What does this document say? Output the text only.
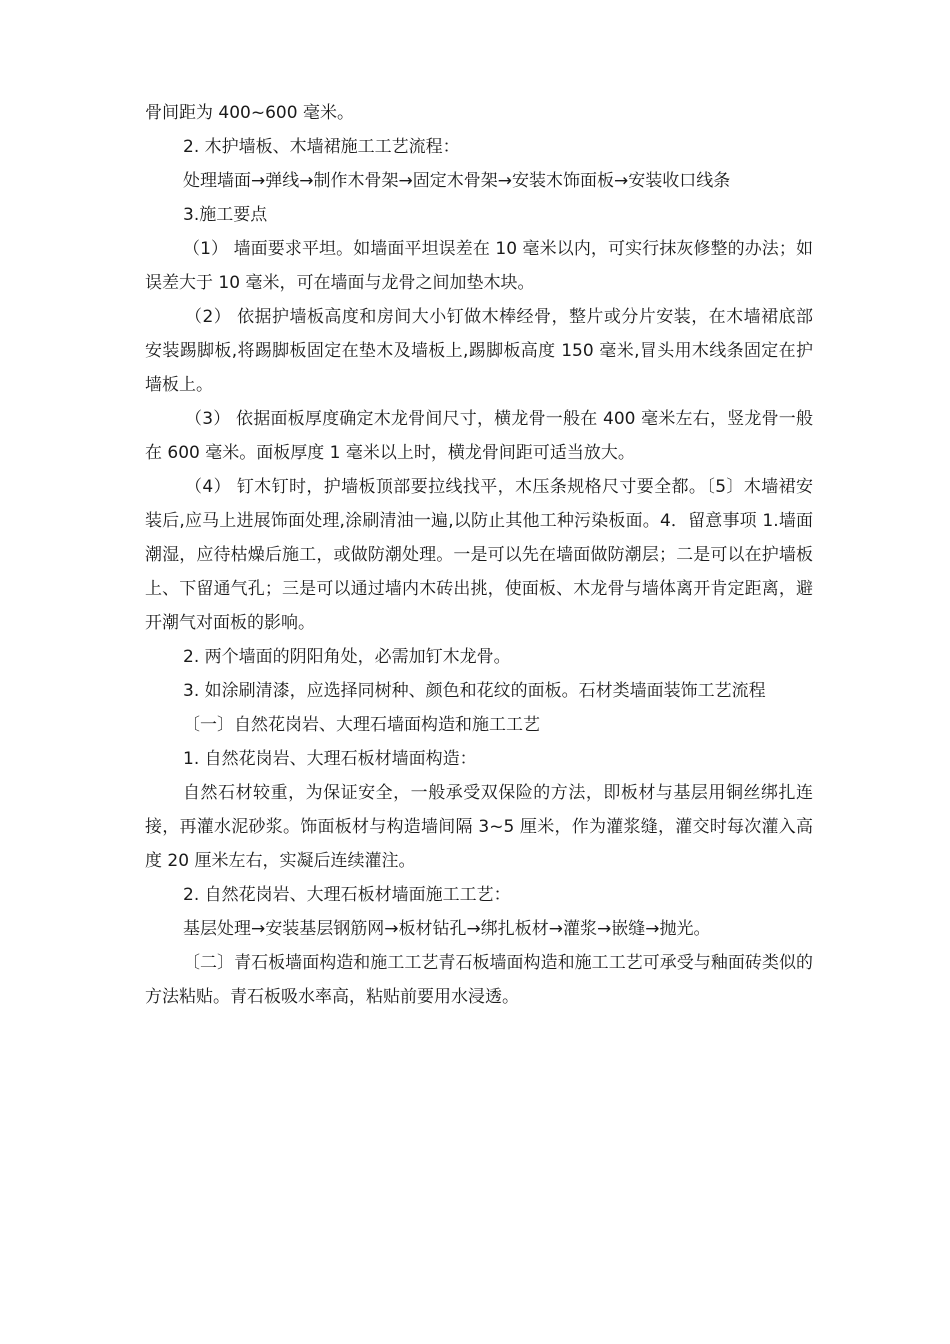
骨间距为 400~600 毫米。

2. 木护墙板、木墙裙施工工艺流程：

处理墙面→弹线→制作木骨架→固定木骨架→安装木饰面板→安装收口线条

3.施工要点

（1） 墙面要求平坦。如墙面平坦误差在 10 毫米以内，可实行抹灰修整的办法；如误差大于 10 毫米，可在墙面与龙骨之间加垫木块。

（2） 依据护墙板高度和房间大小钉做木棒经骨，整片或分片安装，在木墙裙底部安装踢脚板,将踢脚板固定在垫木及墙板上,踢脚板高度 150 毫米,冒头用木线条固定在护墙板上。

（3） 依据面板厚度确定木龙骨间尺寸，横龙骨一般在 400 毫米左右，竖龙骨一般在 600 毫米。面板厚度 1 毫米以上时，横龙骨间距可适当放大。

（4） 钉木钉时，护墙板顶部要拉线找平，木压条规格尺寸要全都。〔5〕木墙裙安装后,应马上进展饰面处理,涂刷清油一遍,以防止其他工种污染板面。4．留意事项 1.墙面潮湿，应待枯燥后施工，或做防潮处理。一是可以先在墙面做防潮层；二是可以在护墙板上、下留通气孔；三是可以通过墙内木砖出挑，使面板、木龙骨与墙体离开肯定距离，避开潮气对面板的影响。

2. 两个墙面的阴阳角处，必需加钉木龙骨。

3. 如涂刷清漆，应选择同树种、颜色和花纹的面板。石材类墙面装饰工艺流程

〔一〕自然花岗岩、大理石墙面构造和施工工艺

1. 自然花岗岩、大理石板材墙面构造：

自然石材较重，为保证安全，一般承受双保险的方法，即板材与基层用铜丝绑扎连接，再灌水泥砂浆。饰面板材与构造墙间隔 3~5 厘米，作为灌浆缝，灌交时每次灌入高度 20 厘米左右，实凝后连续灌注。

2. 自然花岗岩、大理石板材墙面施工工艺：

基层处理→安装基层钢筋网→板材钻孔→绑扎板材→灌浆→嵌缝→抛光。

〔二〕青石板墙面构造和施工工艺青石板墙面构造和施工工艺可承受与釉面砖类似的方法粘贴。青石板吸水率高，粘贴前要用水浸透。
